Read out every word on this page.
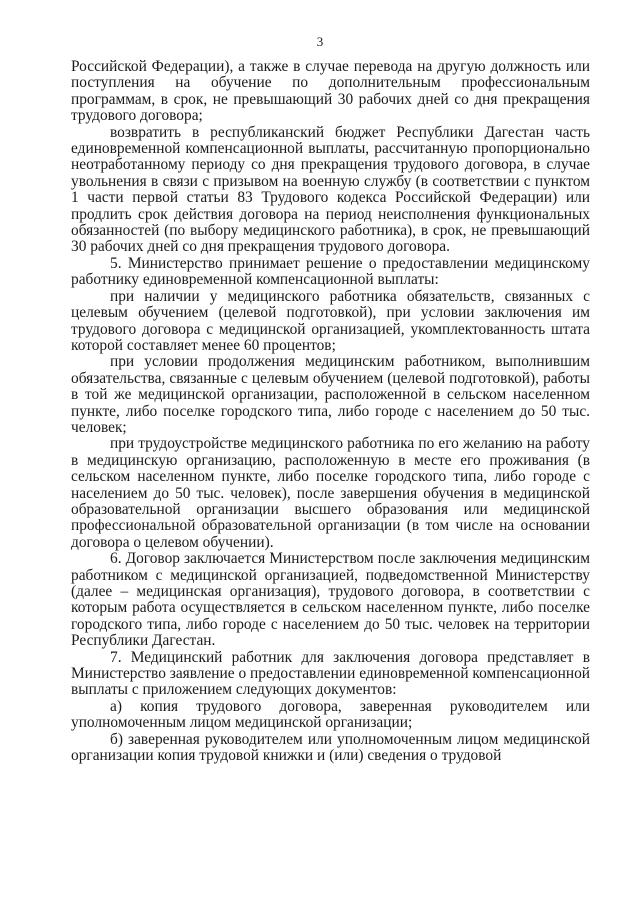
3

Российской Федерации), а также в случае перевода на другую должность или поступления на обучение по дополнительным профессиональным программам, в срок, не превышающий 30 рабочих дней со дня прекращения трудового договора;

возвратить в республиканский бюджет Республики Дагестан часть единовременной компенсационной выплаты, рассчитанную пропорционально неотработанному периоду со дня прекращения трудового договора, в случае увольнения в связи с призывом на военную службу (в соответствии с пунктом 1 части первой статьи 83 Трудового кодекса Российской Федерации) или продлить срок действия договора на период неисполнения функциональных обязанностей (по выбору медицинского работника), в срок, не превышающий 30 рабочих дней со дня прекращения трудового договора.

5. Министерство принимает решение о предоставлении медицинскому работнику единовременной компенсационной выплаты:

при наличии у медицинского работника обязательств, связанных с целевым обучением (целевой подготовкой), при условии заключения им трудового договора с медицинской организацией, укомплектованность штата которой составляет менее 60 процентов;

при условии продолжения медицинским работником, выполнившим обязательства, связанные с целевым обучением (целевой подготовкой), работы в той же медицинской организации, расположенной в сельском населенном пункте, либо поселке городского типа, либо городе с населением до 50 тыс. человек;

при трудоустройстве медицинского работника по его желанию на работу в медицинскую организацию, расположенную в месте его проживания (в сельском населенном пункте, либо поселке городского типа, либо городе с населением до 50 тыс. человек), после завершения обучения в медицинской образовательной организации высшего образования или медицинской профессиональной образовательной организации (в том числе на основании договора о целевом обучении).

6. Договор заключается Министерством после заключения медицинским работником с медицинской организацией, подведомственной Министерству (далее – медицинская организация), трудового договора, в соответствии с которым работа осуществляется в сельском населенном пункте, либо поселке городского типа, либо городе с населением до 50 тыс. человек на территории Республики Дагестан.

7. Медицинский работник для заключения договора представляет в Министерство заявление о предоставлении единовременной компенсационной выплаты с приложением следующих документов:

а) копия трудового договора, заверенная руководителем или уполномоченным лицом медицинской организации;

б) заверенная руководителем или уполномоченным лицом медицинской организации копия трудовой книжки и (или) сведения о трудовой
